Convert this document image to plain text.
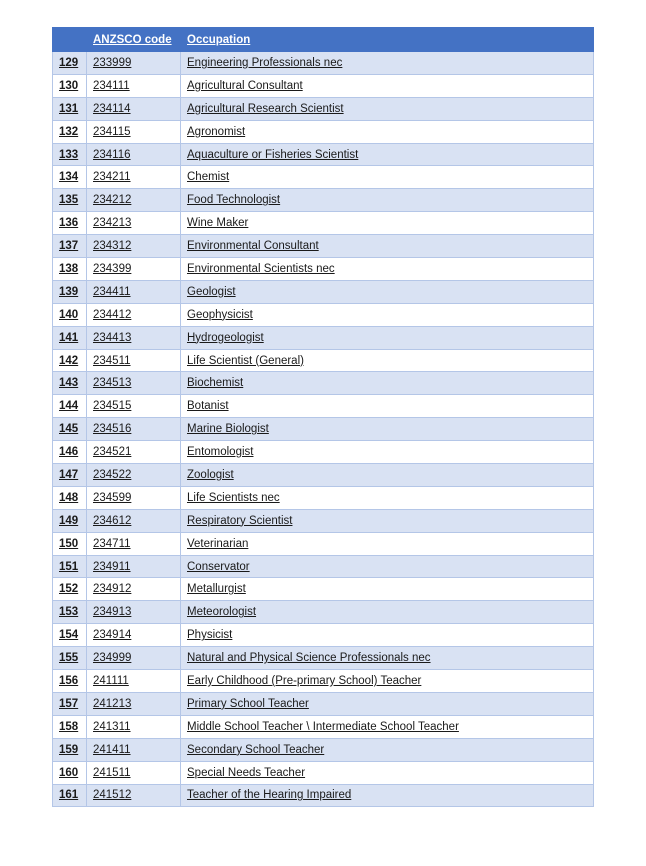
	ANZSCO code	Occupation
129	233999	Engineering Professionals nec
130	234111	Agricultural Consultant
131	234114	Agricultural Research Scientist
132	234115	Agronomist
133	234116	Aquaculture or Fisheries Scientist
134	234211	Chemist
135	234212	Food Technologist
136	234213	Wine Maker
137	234312	Environmental Consultant
138	234399	Environmental Scientists nec
139	234411	Geologist
140	234412	Geophysicist
141	234413	Hydrogeologist
142	234511	Life Scientist (General)
143	234513	Biochemist
144	234515	Botanist
145	234516	Marine Biologist
146	234521	Entomologist
147	234522	Zoologist
148	234599	Life Scientists nec
149	234612	Respiratory Scientist
150	234711	Veterinarian
151	234911	Conservator
152	234912	Metallurgist
153	234913	Meteorologist
154	234914	Physicist
155	234999	Natural and Physical Science Professionals nec
156	241111	Early Childhood (Pre-primary School) Teacher
157	241213	Primary School Teacher
158	241311	Middle School Teacher \ Intermediate School Teacher
159	241411	Secondary School Teacher
160	241511	Special Needs Teacher
161	241512	Teacher of the Hearing Impaired
